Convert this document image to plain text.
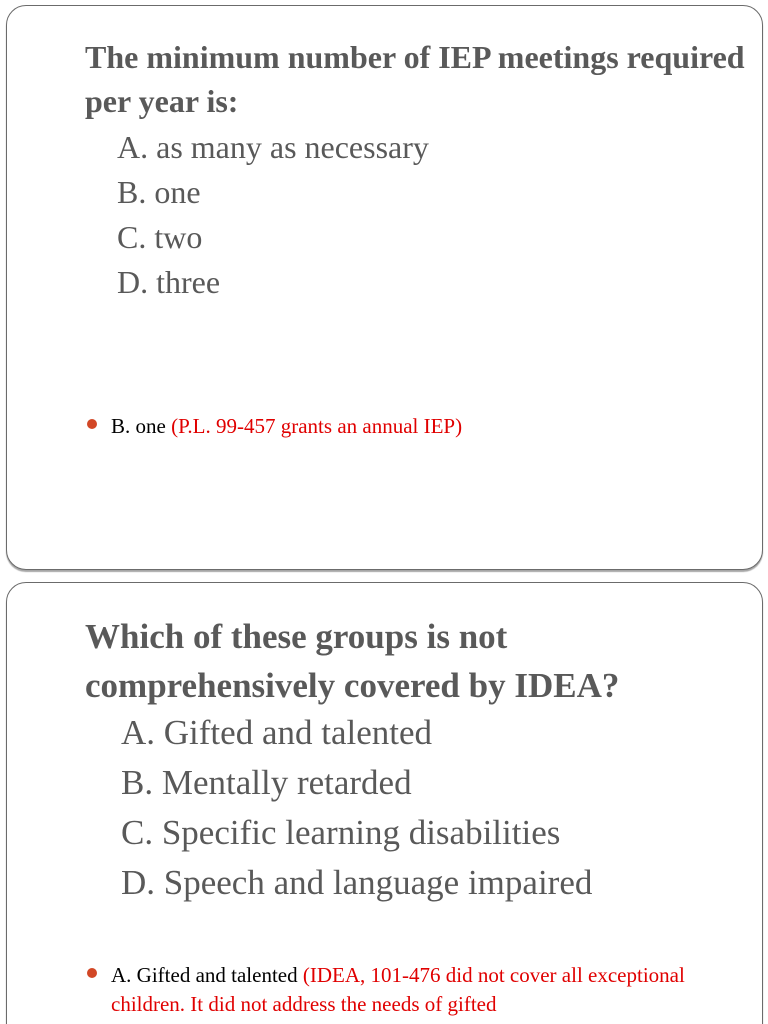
The minimum number of IEP meetings required per year is:
A. as many as necessary
B. one
C. two
D. three
B. one (P.L. 99-457 grants an annual IEP)
Which of these groups is not comprehensively covered by IDEA?
A. Gifted and talented
B. Mentally retarded
C. Specific learning disabilities
D. Speech and language impaired
A. Gifted and talented (IDEA, 101-476 did not cover all exceptional children. It did not address the needs of gifted
